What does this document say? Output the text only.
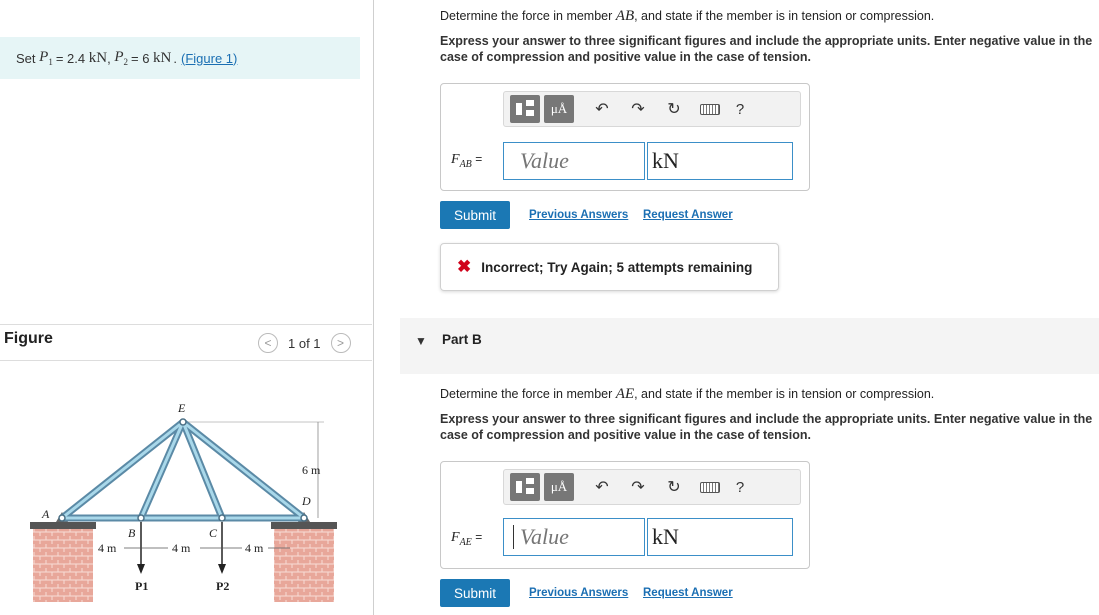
Set
$P_1 = 2.4$
kN ,
$P_2 = 6$
kN . (Figure 1)
Figure	<	1 of 1	>
A
B	C
D
E
4 m	4 m	4 m
6 m
P1	P2
Determine the force in member AB, and state if the member is in tension or compression.
Express your answer to three significant figures and include the appropriate units. Enter negative value in the case of compression and positive value in the case of tension.
μÅ	↶	↷	↻	?
$F_{AB}$ =
Value	kN
Submit	Previous Answers Request Answer
✖ Incorrect; Try Again; 5 attempts remaining
▼ Part B
Determine the force in member AE, and state if the member is in tension or compression.
Express your answer to three significant figures and include the appropriate units. Enter negative value in the case of compression and positive value in the case of tension.
μÅ	↶	↷	↻	?
$F_{AE}$ =
Value	kN
Submit	Previous Answers Request Answer
